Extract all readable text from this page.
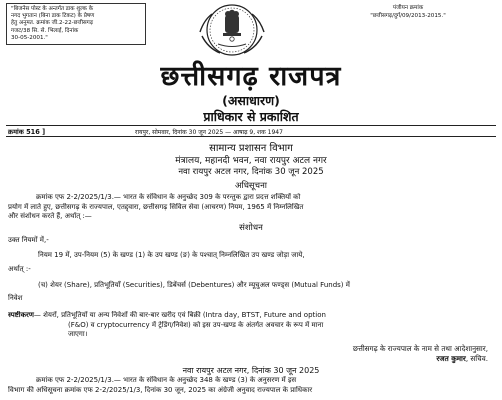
"बिजनेस पोस्ट के अन्तर्गत डाक शुल्क के
नगद भुगतान (बिना डाक टिकट) के प्रेषण
हेतु अनुमत. क्रमांक जी.2-22-छत्तीसगढ़
गजट/38 सि. से. भिलाई, दिनांक
30-05-2001."
पंजीयन क्रमांक
"छत्तीसगढ़/दुर्ग/09/2013-2015."
छत्तीसगढ़ राजपत्र
(असाधारण)
प्राधिकार से प्रकाशित
क्रमांक 516 ]	रायपुर, सोमवार, दिनांक 30 जून 2025 — आषाढ़ 9, शक 1947
सामान्य प्रशासन विभाग
मंत्रालय, महानदी भवन, नवा रायपुर अटल नगर
नवा रायपुर अटल नगर, दिनांक 30 जून 2025
अधिसूचना
क्रमांक एफ 2-2/2025/1/3.— भारत के संविधान के अनुच्छेद 309 के परन्तुक द्वारा प्रदत्त शक्तियों को
प्रयोग में लाते हुए, छत्तीसगढ़ के राज्यपाल, एतद्द्वारा, छत्तीसगढ़ सिविल सेवा (आचरण) नियम, 1965 में निम्नलिखित
और संशोधन करते हैं, अर्थात् :—
संशोधन
उक्त नियमों में,-
नियम 19 में, उप-नियम (5) के खण्ड (1) के उप खण्ड (ङ) के पश्चात् निम्नलिखित उप खण्ड जोड़ा जाये,
अर्थात् :-
(च) शेयर (Share), प्रतिभूतियाँ (Securities), डिबेंचर्स (Debentures) और म्यूचुअल फण्ड्स (Mutual Funds) में
निवेश
स्पष्टीकरण— शेयरों, प्रतिभूतियों या अन्य निवेशों की बार-बार खरीद एवं बिक्री (Intra day, BTST, Future and option
(F&O) व cryptocurrency में ट्रेडिंग/निवेश) को इस उप-खण्ड के अंतर्गत अवचार के रूप में माना
जाएगा।
छत्तीसगढ़ के राज्यपाल के नाम से तथा आदेशानुसार,
रजत कुमार, सचिव.
नवा रायपुर अटल नगर, दिनांक 30 जून 2025
क्रमांक एफ 2-2/2025/1/3.— भारत के संविधान के अनुच्छेद 348 के खण्ड (3) के अनुसरण में इस
विभाग की अधिसूचना क्रमांक एफ 2-2/2025/1/3, दिनांक 30 जून, 2025 का अंग्रेजी अनुवाद राज्यपाल के प्राधिकार
